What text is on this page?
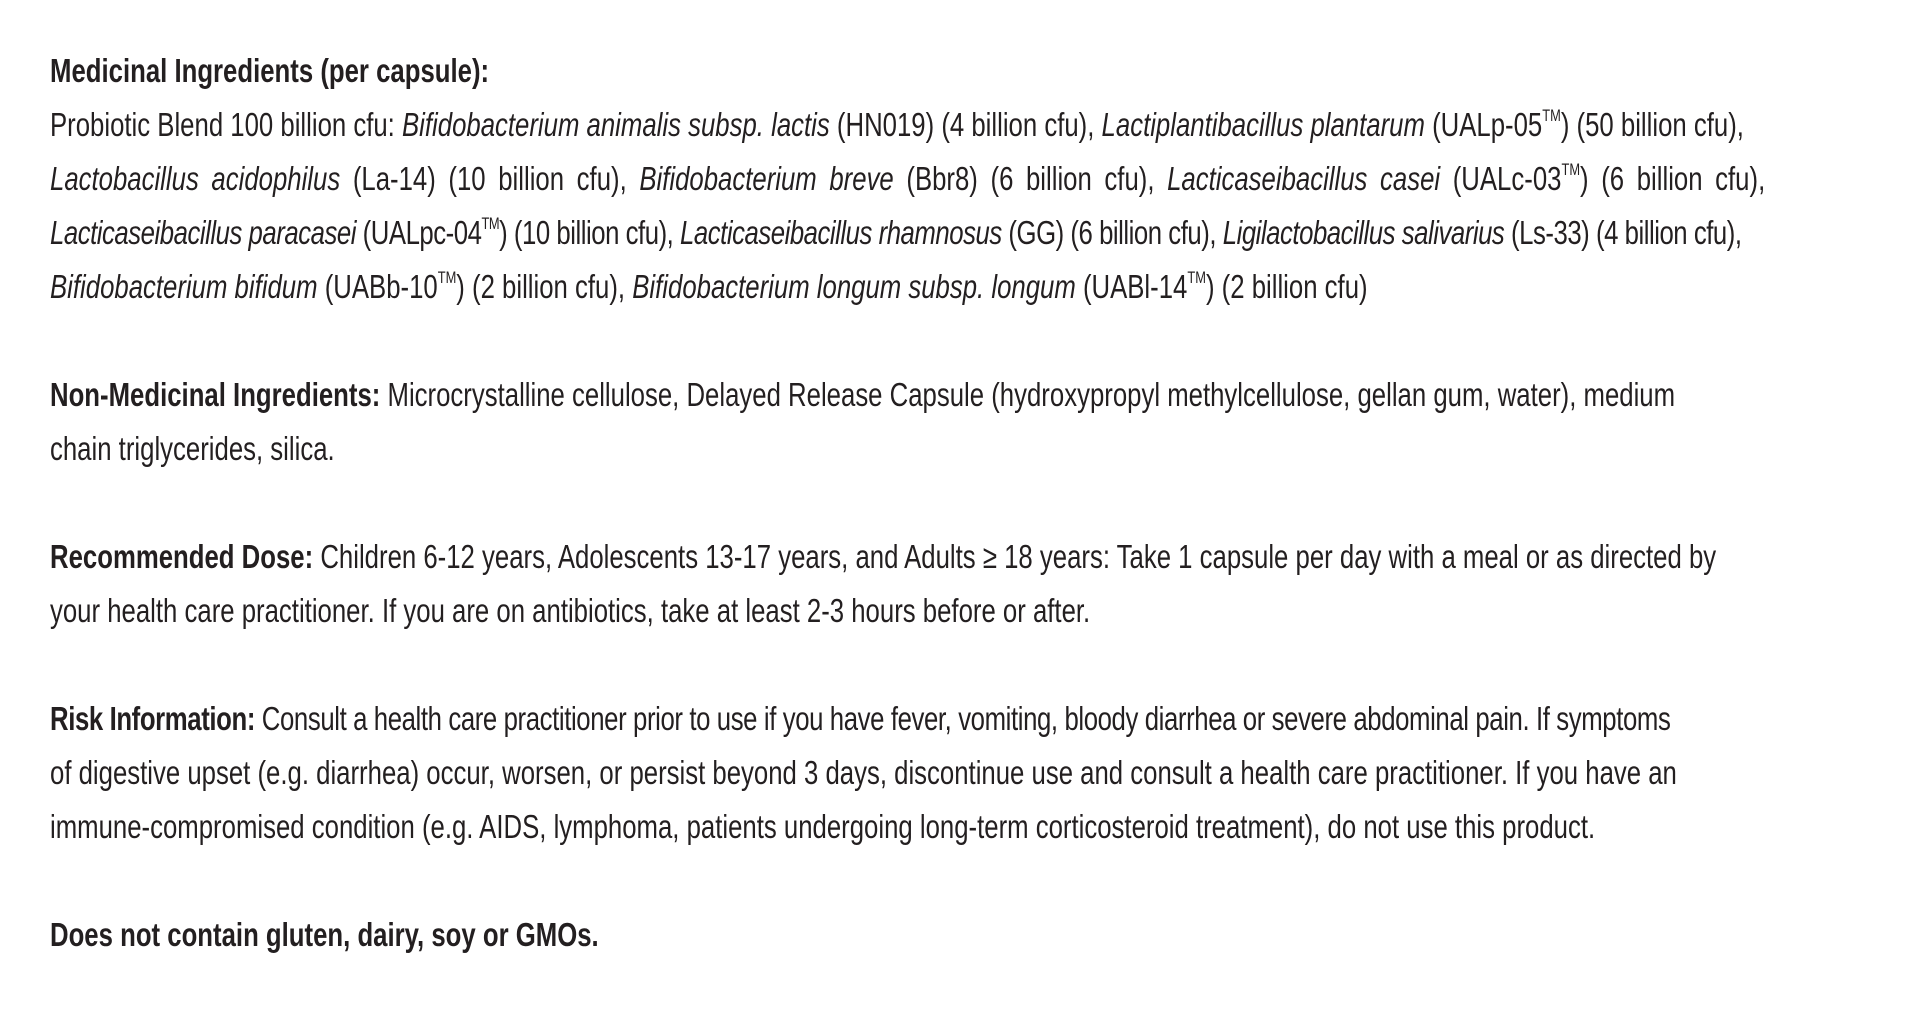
Medicinal Ingredients (per capsule):
Probiotic Blend 100 billion cfu: Bifidobacterium animalis subsp. lactis (HN019) (4 billion cfu), Lactiplantibacillus plantarum (UALp-05™) (50 billion cfu),
Lactobacillus acidophilus (La-14) (10 billion cfu), Bifidobacterium breve (Bbr8) (6 billion cfu), Lacticaseibacillus casei (UALc-03™) (6 billion cfu),
Lacticaseibacillus paracasei (UALpc-04™) (10 billion cfu), Lacticaseibacillus rhamnosus (GG) (6 billion cfu), Ligilactobacillus salivarius (Ls-33) (4 billion cfu),
Bifidobacterium bifidum (UABb-10™) (2 billion cfu), Bifidobacterium longum subsp. longum (UABl-14™) (2 billion cfu)
Non-Medicinal Ingredients: Microcrystalline cellulose, Delayed Release Capsule (hydroxypropyl methylcellulose, gellan gum, water), medium
chain triglycerides, silica.
Recommended Dose: Children 6-12 years, Adolescents 13-17 years, and Adults ≥ 18 years: Take 1 capsule per day with a meal or as directed by
your health care practitioner. If you are on antibiotics, take at least 2-3 hours before or after.
Risk Information: Consult a health care practitioner prior to use if you have fever, vomiting, bloody diarrhea or severe abdominal pain. If symptoms
of digestive upset (e.g. diarrhea) occur, worsen, or persist beyond 3 days, discontinue use and consult a health care practitioner. If you have an
immune-compromised condition (e.g. AIDS, lymphoma, patients undergoing long-term corticosteroid treatment), do not use this product.
Does not contain gluten, dairy, soy or GMOs.
